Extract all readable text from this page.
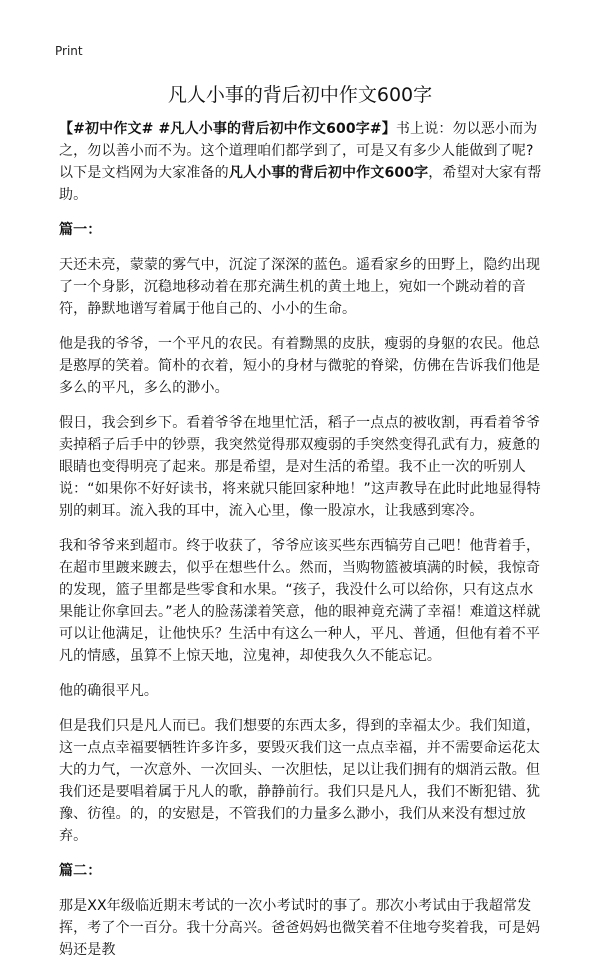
Print
凡人小事的背后初中作文600字

【#初中作文# #凡人小事的背后初中作文600字#】书上说：勿以恶小而为之，勿以善小而不为。这个道理咱们都学到了，可是又有多少人能做到了呢?以下是文档网为大家准备的凡人小事的背后初中作文600字，希望对大家有帮助。

篇一：

天还未亮，蒙蒙的雾气中，沉淀了深深的蓝色。遥看家乡的田野上，隐约出现了一个身影，沉稳地移动着在那充满生机的黄土地上，宛如一个跳动着的音符，静默地谱写着属于他自己的、小小的生命。

他是我的爷爷，一个平凡的农民。有着黝黑的皮肤，瘦弱的身躯的农民。他总是憨厚的笑着。简朴的衣着，短小的身材与微驼的脊梁，仿佛在告诉我们他是多么的平凡，多么的渺小。

假日，我会到乡下。看着爷爷在地里忙活，稻子一点点的被收割，再看着爷爷卖掉稻子后手中的钞票，我突然觉得那双瘦弱的手突然变得孔武有力，疲惫的眼睛也变得明亮了起来。那是希望，是对生活的希望。我不止一次的听别人说：“如果你不好好读书，将来就只能回家种地！”这声教导在此时此地显得特别的刺耳。流入我的耳中，流入心里，像一股凉水，让我感到寒冷。

我和爷爷来到超市。终于收获了，爷爷应该买些东西犒劳自己吧！他背着手，在超市里踱来踱去，似乎在想些什么。然而，当购物篮被填满的时候，我惊奇的发现，篮子里都是些零食和水果。“孩子，我没什么可以给你，只有这点水果能让你拿回去。”老人的脸荡漾着笑意，他的眼神竟充满了幸福！难道这样就可以让他满足，让他快乐？生活中有这么一种人，平凡、普通，但他有着不平凡的情感，虽算不上惊天地，泣鬼神，却使我久久不能忘记。

他的确很平凡。

但是我们只是凡人而已。我们想要的东西太多，得到的幸福太少。我们知道，这一点点幸福要牺牲许多许多，要毁灭我们这一点点幸福，并不需要命运花太大的力气，一次意外、一次回头、一次胆怯，足以让我们拥有的烟消云散。但我们还是要唱着属于凡人的歌，静静前行。我们只是凡人，我们不断犯错、犹豫、彷徨。的，的安慰是，不管我们的力量多么渺小，我们从来没有想过放弃。

篇二：

那是XX年级临近期末考试的一次小考试时的事了。那次小考试由于我超常发挥，考了个一百分。我十分高兴。爸爸妈妈也微笑着不住地夸奖着我，可是妈妈还是教
